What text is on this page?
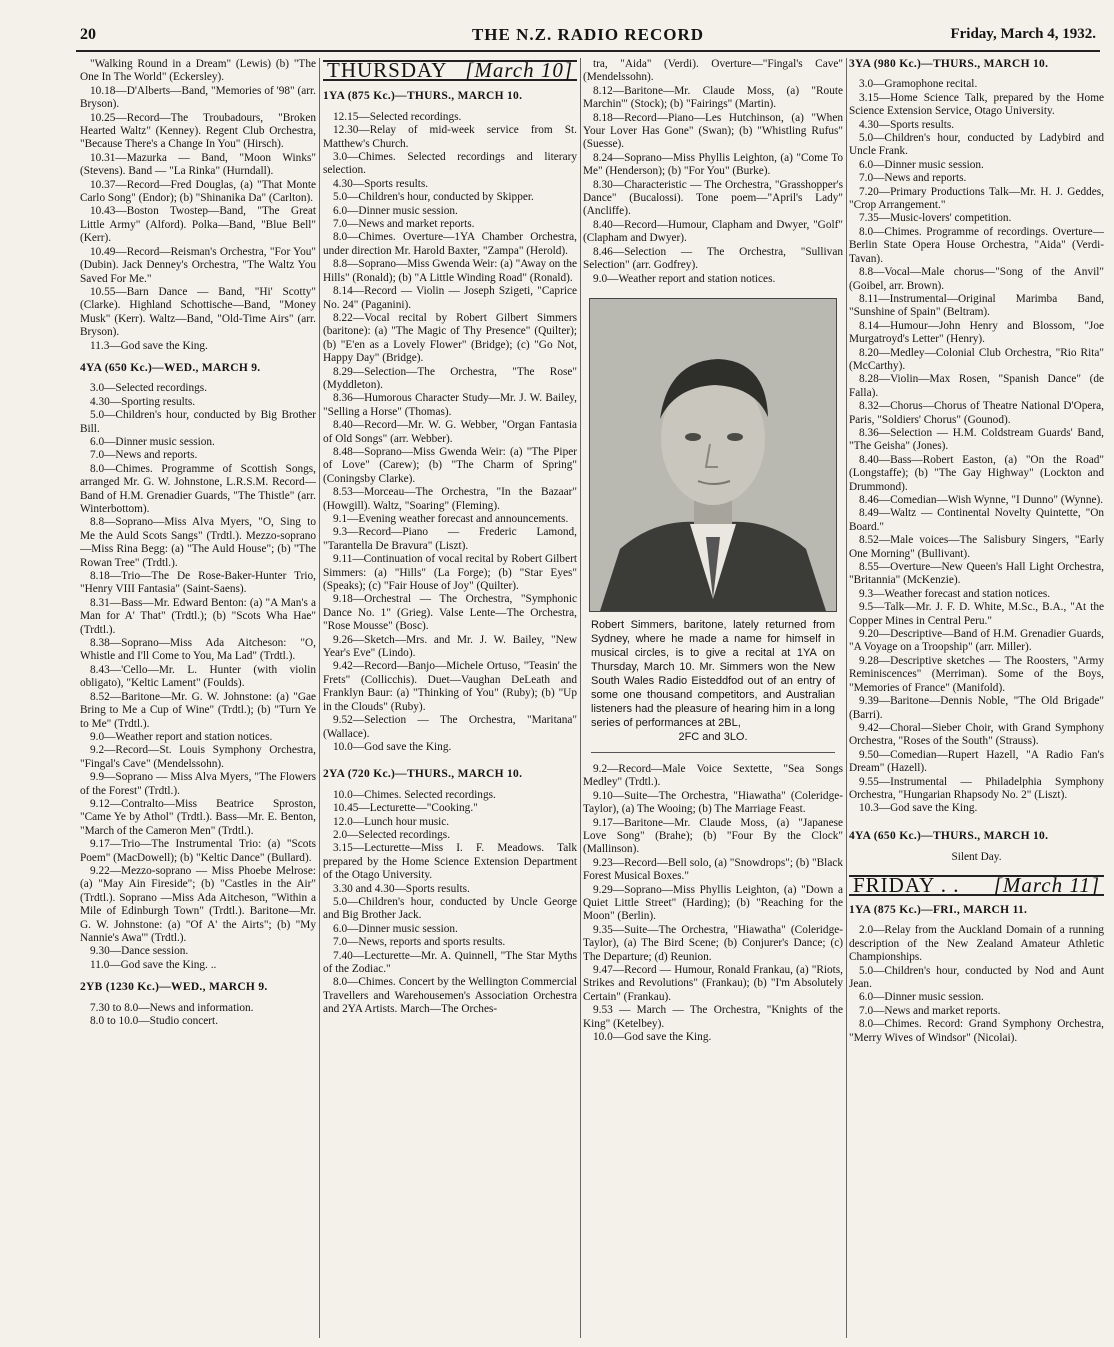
20	THE N.Z. RADIO RECORD	Friday, March 4, 1932.

"Walking Round in a Dream" (Lewis) (b) "The One In The World" (Eckersley).

10.18—D'Alberts—Band, "Memories of '98" (arr. Bryson).

10.25—Record—The Troubadours, "Broken Hearted Waltz" (Kenney). Regent Club Orchestra, "Because There's a Change In You" (Hirsch).

10.31—Mazurka — Band, "Moon Winks" (Stevens). Band — "La Rinka" (Hurndall).

10.37—Record—Fred Douglas, (a) "That Monte Carlo Song" (Endor); (b) "Shinanika Da" (Carlton).

10.43—Boston Twostep—Band, "The Great Little Army" (Alford). Polka—Band, "Blue Bell" (Kerr).

10.49—Record—Reisman's Orchestra, "For You" (Dubin). Jack Denney's Orchestra, "The Waltz You Saved For Me."

10.55—Barn Dance — Band, "Hi' Scotty" (Clarke). Highland Schottische—Band, "Money Musk" (Kerr). Waltz—Band, "Old-Time Airs" (arr. Bryson).

11.3—God save the King.

4YA (650 Kc.)—WED., MARCH 9.

3.0—Selected recordings.

4.30—Sporting results.

5.0—Children's hour, conducted by Big Brother Bill.

6.0—Dinner music session.

7.0—News and reports.

8.0—Chimes. Programme of Scottish Songs, arranged Mr. G. W. Johnstone, L.R.S.M. Record—Band of H.M. Grenadier Guards, "The Thistle" (arr. Winterbottom).

8.8—Soprano—Miss Alva Myers, "O, Sing to Me the Auld Scots Sangs" (Trdtl.). Mezzo-soprano—Miss Rina Begg: (a) "The Auld House"; (b) "The Rowan Tree" (Trdtl.).

8.18—Trio—The De Rose-Baker-Hunter Trio, "Henry VIII Fantasia" (Saint-Saens).

8.31—Bass—Mr. Edward Benton: (a) "A Man's a Man for A' That" (Trdtl.); (b) "Scots Wha Hae" (Trdtl.).

8.38—Soprano—Miss Ada Aitcheson: "O, Whistle and I'll Come to You, Ma Lad" (Trdtl.).

8.43—'Cello—Mr. L. Hunter (with violin obligato), "Keltic Lament" (Foulds).

8.52—Baritone—Mr. G. W. Johnstone: (a) "Gae Bring to Me a Cup of Wine" (Trdtl.); (b) "Turn Ye to Me" (Trdtl.).

9.0—Weather report and station notices.

9.2—Record—St. Louis Symphony Orchestra, "Fingal's Cave" (Mendelssohn).

9.9—Soprano — Miss Alva Myers, "The Flowers of the Forest" (Trdtl.).

9.12—Contralto—Miss Beatrice Sproston, "Came Ye by Athol" (Trdtl.). Bass—Mr. E. Benton, "March of the Cameron Men" (Trdtl.).

9.17—Trio—The Instrumental Trio: (a) "Scots Poem" (MacDowell); (b) "Keltic Dance" (Bullard).

9.22—Mezzo-soprano — Miss Phoebe Melrose: (a) "May Ain Fireside"; (b) "Castles in the Air" (Trdtl.). Soprano —Miss Ada Aitcheson, "Within a Mile of Edinburgh Town" (Trdtl.). Baritone—Mr. G. W. Johnstone: (a) "Of A' the Airts"; (b) "My Nannie's Awa'" (Trdtl.).

9.30—Dance session.

11.0—God save the King. ..

2YB (1230 Kc.)—WED., MARCH 9.

7.30 to 8.0—News and information.

8.0 to 10.0—Studio concert.

THURSDAY [March 10]
1YA (875 Kc.)—THURS., MARCH 10.

12.15—Selected recordings.

12.30—Relay of mid-week service from St. Matthew's Church.

3.0—Chimes. Selected recordings and literary selection.

4.30—Sports results.

5.0—Children's hour, conducted by Skipper.

6.0—Dinner music session.

7.0—News and market reports.

8.0—Chimes. Overture—1YA Chamber Orchestra, under direction Mr. Harold Baxter, "Zampa" (Herold).

8.8—Soprano—Miss Gwenda Weir: (a) "Away on the Hills" (Ronald); (b) "A Little Winding Road" (Ronald).

8.14—Record — Violin — Joseph Szigeti, "Caprice No. 24" (Paganini).

8.22—Vocal recital by Robert Gilbert Simmers (baritone): (a) "The Magic of Thy Presence" (Quilter); (b) "E'en as a Lovely Flower" (Bridge); (c) "Go Not, Happy Day" (Bridge).

8.29—Selection—The Orchestra, "The Rose" (Myddleton).

8.36—Humorous Character Study—Mr. J. W. Bailey, "Selling a Horse" (Thomas).

8.40—Record—Mr. W. G. Webber, "Organ Fantasia of Old Songs" (arr. Webber).

8.48—Soprano—Miss Gwenda Weir: (a) "The Piper of Love" (Carew); (b) "The Charm of Spring" (Coningsby Clarke).

8.53—Morceau—The Orchestra, "In the Bazaar" (Howgill). Waltz, "Soaring" (Fleming).

9.1—Evening weather forecast and announcements.

9.3—Record—Piano — Frederic Lamond, "Tarantella De Bravura" (Liszt).

9.11—Continuation of vocal recital by Robert Gilbert Simmers: (a) "Hills" (La Forge); (b) "Star Eyes" (Speaks); (c) "Fair House of Joy" (Quilter).

9.18—Orchestral — The Orchestra, "Symphonic Dance No. 1" (Grieg). Valse Lente—The Orchestra, "Rose Mousse" (Bosc).

9.26—Sketch—Mrs. and Mr. J. W. Bailey, "New Year's Eve" (Lindo).

9.42—Record—Banjo—Michele Ortuso, "Teasin' the Frets" (Collicchis). Duet—Vaughan DeLeath and Franklyn Baur: (a) "Thinking of You" (Ruby); (b) "Up in the Clouds" (Ruby).

9.52—Selection — The Orchestra, "Maritana" (Wallace).

10.0—God save the King.

2YA (720 Kc.)—THURS., MARCH 10.

10.0—Chimes. Selected recordings.

10.45—Lecturette—"Cooking."

12.0—Lunch hour music.

2.0—Selected recordings.

3.15—Lecturette—Miss I. F. Meadows. Talk prepared by the Home Science Extension Department of the Otago University.

3.30 and 4.30—Sports results.

5.0—Children's hour, conducted by Uncle George and Big Brother Jack.

6.0—Dinner music session.

7.0—News, reports and sports results.

7.40—Lecturette—Mr. A. Quinnell, "The Star Myths of the Zodiac."

8.0—Chimes. Concert by the Wellington Commercial Travellers and Warehousemen's Association Orchestra and 2YA Artists. March—The Orches-

tra, "Aida" (Verdi). Overture—"Fingal's Cave" (Mendelssohn).

8.12—Baritone—Mr. Claude Moss, (a) "Route Marchin'" (Stock); (b) "Fairings" (Martin).

8.18—Record—Piano—Les Hutchinson, (a) "When Your Lover Has Gone" (Swan); (b) "Whistling Rufus" (Suesse).

8.24—Soprano—Miss Phyllis Leighton, (a) "Come To Me" (Henderson); (b) "For You" (Burke).

8.30—Characteristic — The Orchestra, "Grasshopper's Dance" (Bucalossi). Tone poem—"April's Lady" (Ancliffe).

8.40—Record—Humour, Clapham and Dwyer, "Golf" (Clapham and Dwyer).

8.46—Selection — The Orchestra, "Sullivan Selection" (arr. Godfrey).

9.0—Weather report and station notices.

Robert Simmers, baritone, lately returned from Sydney, where he made a name for himself in musical circles, is to give a recital at 1YA on Thursday, March 10. Mr. Simmers won the New South Wales Radio Eisteddfod out of an entry of some one thousand competitors, and Australian listeners had the pleasure of hearing him in a long series of performances at 2BL,
2FC and 3LO.

9.2—Record—Male Voice Sextette, "Sea Songs Medley" (Trdtl.).

9.10—Suite—The Orchestra, "Hiawatha" (Coleridge-Taylor), (a) The Wooing; (b) The Marriage Feast.

9.17—Baritone—Mr. Claude Moss, (a) "Japanese Love Song" (Brahe); (b) "Four By the Clock" (Mallinson).

9.23—Record—Bell solo, (a) "Snowdrops"; (b) "Black Forest Musical Boxes."

9.29—Soprano—Miss Phyllis Leighton, (a) "Down a Quiet Little Street" (Harding); (b) "Reaching for the Moon" (Berlin).

9.35—Suite—The Orchestra, "Hiawatha" (Coleridge-Taylor), (a) The Bird Scene; (b) Conjurer's Dance; (c) The Departure; (d) Reunion.

9.47—Record — Humour, Ronald Frankau, (a) "Riots, Strikes and Revolutions" (Frankau); (b) "I'm Absolutely Certain" (Frankau).

9.53 — March — The Orchestra, "Knights of the King" (Ketelbey).

10.0—God save the King.

3YA (980 Kc.)—THURS., MARCH 10.

3.0—Gramophone recital.

3.15—Home Science Talk, prepared by the Home Science Extension Service, Otago University.

4.30—Sports results.

5.0—Children's hour, conducted by Ladybird and Uncle Frank.

6.0—Dinner music session.

7.0—News and reports.

7.20—Primary Productions Talk—Mr. H. J. Geddes, "Crop Arrangement."

7.35—Music-lovers' competition.

8.0—Chimes. Programme of recordings. Overture—Berlin State Opera House Orchestra, "Aida" (Verdi-Tavan).

8.8—Vocal—Male chorus—"Song of the Anvil" (Goibel, arr. Brown).

8.11—Instrumental—Original Marimba Band, "Sunshine of Spain" (Beltram).

8.14—Humour—John Henry and Blossom, "Joe Murgatroyd's Letter" (Henry).

8.20—Medley—Colonial Club Orchestra, "Rio Rita" (McCarthy).

8.28—Violin—Max Rosen, "Spanish Dance" (de Falla).

8.32—Chorus—Chorus of Theatre National D'Opera, Paris, "Soldiers' Chorus" (Gounod).

8.36—Selection — H.M. Coldstream Guards' Band, "The Geisha" (Jones).

8.40—Bass—Robert Easton, (a) "On the Road" (Longstaffe); (b) "The Gay Highway" (Lockton and Drummond).

8.46—Comedian—Wish Wynne, "I Dunno" (Wynne).

8.49—Waltz — Continental Novelty Quintette, "On Board."

8.52—Male voices—The Salisbury Singers, "Early One Morning" (Bullivant).

8.55—Overture—New Queen's Hall Light Orchestra, "Britannia" (McKenzie).

9.3—Weather forecast and station notices.

9.5—Talk—Mr. J. F. D. White, M.Sc., B.A., "At the Copper Mines in Central Peru."

9.20—Descriptive—Band of H.M. Grenadier Guards, "A Voyage on a Troopship" (arr. Miller).

9.28—Descriptive sketches — The Roosters, "Army Reminiscences" (Merriman). Some of the Boys, "Memories of France" (Manifold).

9.39—Baritone—Dennis Noble, "The Old Brigade" (Barri).

9.42—Choral—Sieber Choir, with Grand Symphony Orchestra, "Roses of the South" (Strauss).

9.50—Comedian—Rupert Hazell, "A Radio Fan's Dream" (Hazell).

9.55—Instrumental — Philadelphia Symphony Orchestra, "Hungarian Rhapsody No. 2" (Liszt).

10.3—God save the King.

4YA (650 Kc.)—THURS., MARCH 10.

Silent Day.

FRIDAY . . [March 11]
1YA (875 Kc.)—FRI., MARCH 11.

2.0—Relay from the Auckland Domain of a running description of the New Zealand Amateur Athletic Championships.

5.0—Children's hour, conducted by Nod and Aunt Jean.

6.0—Dinner music session.

7.0—News and market reports.

8.0—Chimes. Record: Grand Symphony Orchestra, "Merry Wives of Windsor" (Nicolai).
